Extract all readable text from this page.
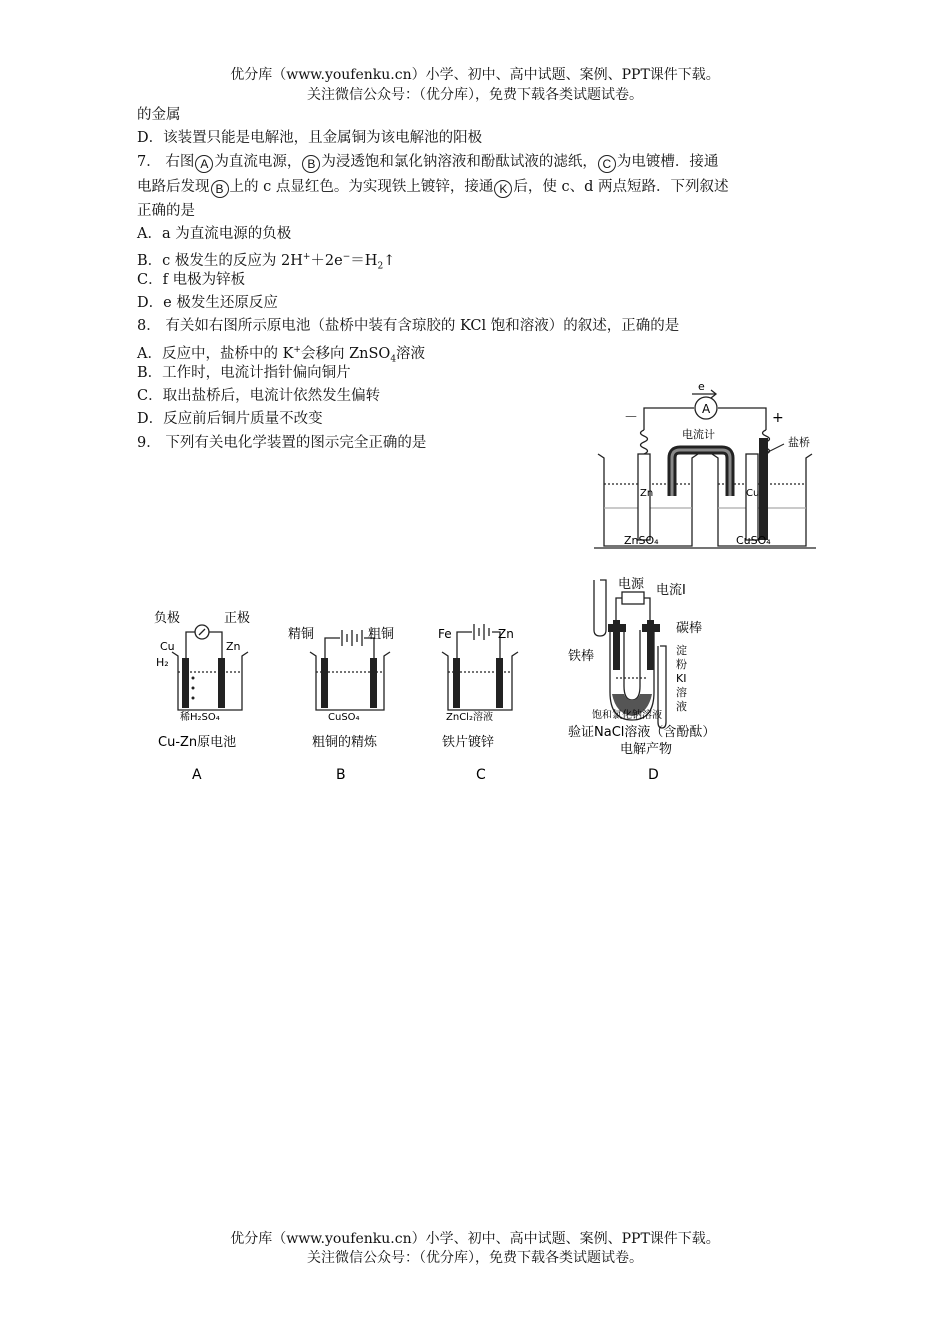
优分库（www.youfenku.cn）小学、初中、高中试题、案例、PPT课件下载。
关注微信公众号：（优分库），免费下载各类试题试卷。
的金属
D．该装置只能是电解池，且金属铜为该电解池的阳极
7． 右图 A 为直流电源， B 为浸透饱和氯化钠溶液和酚酞试液的滤纸， C 为电镀槽．接通
电路后发现 B 上的 c 点显红色。为实现铁上镀锌，接通 K 后，使 c、d 两点短路．下列叙述
正确的是
A．a 为直流电源的负极
B．c 极发生的反应为 $2H^++2e^-=H_2↑$
C．f 电极为锌板
D．e 极发生还原反应
8． 有关如右图所示原电池（盐桥中装有含琼胶的 KCl 饱和溶液）的叙述，正确的是
A．反应中，盐桥中的 K+会移向 ZnSO$_4$溶液
B．工作时，电流计指针偏向铜片
C．取出盐桥后，电流计依然发生偏转
D．反应前后铜片质量不改变
9． 下列有关电化学装置的图示完全正确的是
e
A
－	+
电流计
盐桥
Zn	Cu
ZnSO₄	CuSO₄
负极	正极
Cu	Zn
H₂
稀H₂SO₄
Cu-Zn原电池
A
精铜	粗铜
CuSO₄
粗铜的精炼
B
Fe	Zn
ZnCl₂溶液
铁片镀锌
C
电源 电流I
碳棒
铁棒	淀
粉
KI
溶
液
饱和氯化钠溶液
验证NaCl溶液（含酚酞）
电解产物
D
优分库（www.youfenku.cn）小学、初中、高中试题、案例、PPT课件下载。
关注微信公众号：（优分库），免费下载各类试题试卷。
